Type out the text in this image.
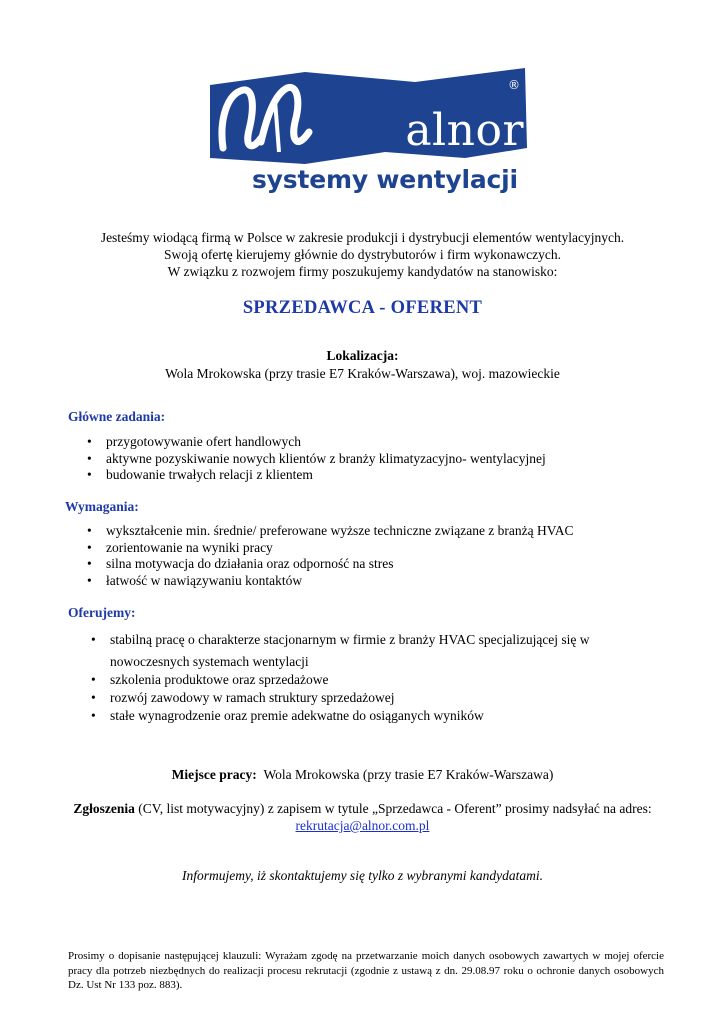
alnor
®
systemy wentylacji
Jesteśmy wiodącą firmą w Polsce w zakresie produkcji i dystrybucji elementów wentylacyjnych.
Swoją ofertę kierujemy głównie do dystrybutorów i firm wykonawczych.
W związku z rozwojem firmy poszukujemy kandydatów na stanowisko:
SPRZEDAWCA - OFERENT
Lokalizacja:
Wola Mrokowska (przy trasie E7 Kraków-Warszawa), woj. mazowieckie
Główne zadania:
• przygotowywanie ofert handlowych
• aktywne pozyskiwanie nowych klientów z branży klimatyzacyjno- wentylacyjnej
• budowanie trwałych relacji z klientem
Wymagania:
• wykształcenie min. średnie/ preferowane wyższe techniczne związane z branżą HVAC
• zorientowanie na wyniki pracy
• silna motywacja do działania oraz odporność na stres
• łatwość w nawiązywaniu kontaktów
Oferujemy:
• stabilną pracę o charakterze stacjonarnym w firmie z branży HVAC specjalizującej się w
nowoczesnych systemach wentylacji
• szkolenia produktowe oraz sprzedażowe
• rozwój zawodowy w ramach struktury sprzedażowej
• stałe wynagrodzenie oraz premie adekwatne do osiąganych wyników
Miejsce pracy: Wola Mrokowska (przy trasie E7 Kraków-Warszawa)
Zgłoszenia (CV, list motywacyjny) z zapisem w tytule „Sprzedawca - Oferent” prosimy nadsyłać na adres:
rekrutacja@alnor.com.pl
Informujemy, iż skontaktujemy się tylko z wybranymi kandydatami.
Prosimy o dopisanie następującej klauzuli: Wyrażam zgodę na przetwarzanie moich danych osobowych zawartych w mojej ofercie pracy dla potrzeb niezbędnych do realizacji procesu rekrutacji (zgodnie z ustawą z dn. 29.08.97 roku o ochronie danych osobowych Dz. Ust Nr 133 poz. 883).
